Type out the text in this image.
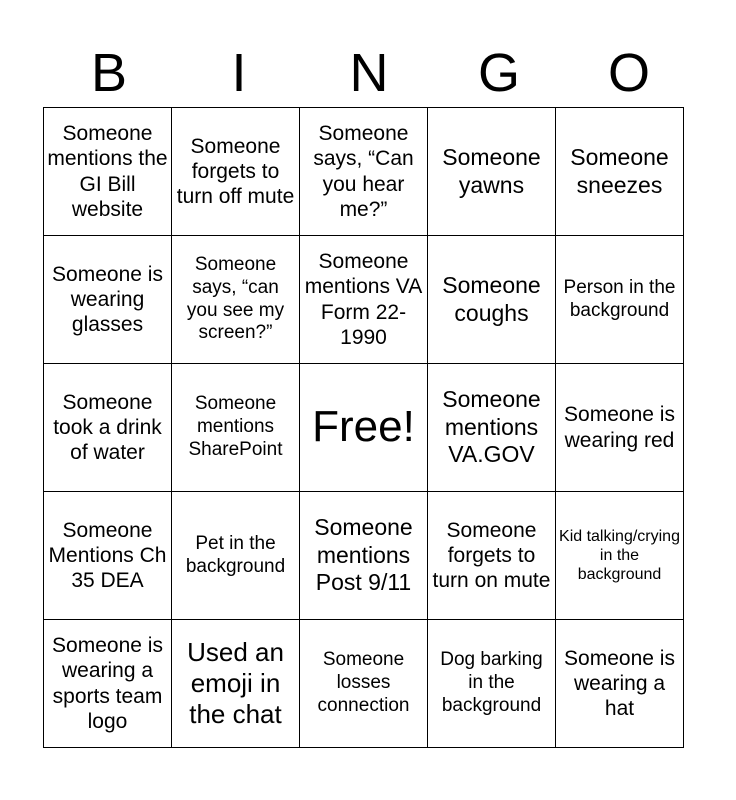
B	I	N	G	O
Someone mentions the GI Bill website	Someone forgets to turn off mute	Someone says, “Can you hear me?”	Someone yawns	Someone sneezes
Someone is wearing glasses	Someone says, “can you see my screen?”	Someone mentions VA Form 22-1990	Someone coughs	Person in the background
Someone took a drink of water	Someone mentions SharePoint	Free!	Someone mentions VA.GOV	Someone is wearing red
Someone Mentions Ch 35 DEA	Pet in the background	Someone mentions Post 9/11	Someone forgets to turn on mute	Kid talking/crying in the background
Someone is wearing a sports team logo	Used an emoji in the chat	Someone losses connection	Dog barking in the background	Someone is wearing a hat
